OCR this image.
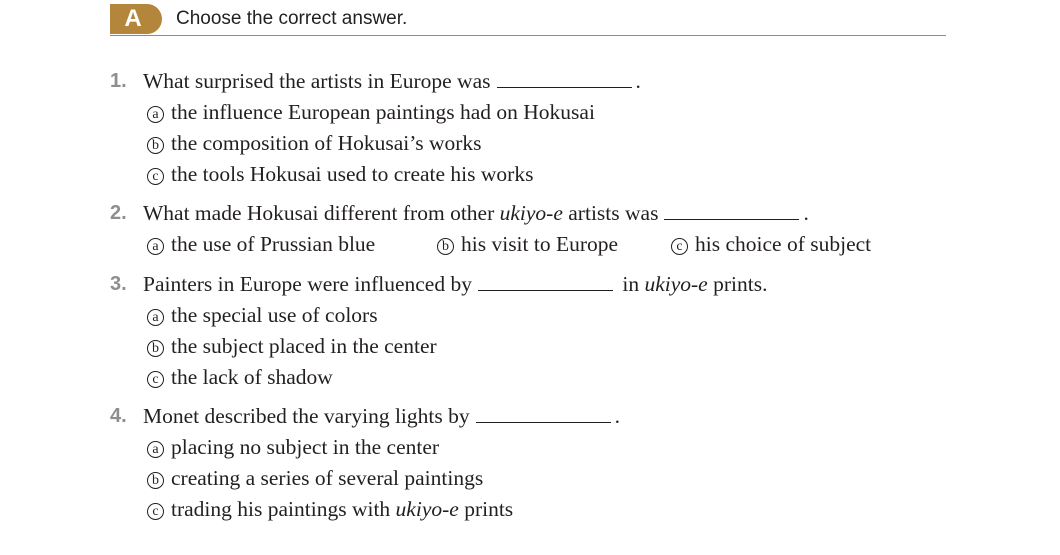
A	Choose the correct answer.
1. What surprised the artists in Europe was	.
a the influence European paintings had on Hokusai
b the composition of Hokusai’s works
c the tools Hokusai used to create his works
2. What made Hokusai different from other ukiyo-e artists was	.
a the use of Prussian blue	b his visit to Europe	c his choice of subject
3. Painters in Europe were influenced by	in ukiyo-e prints.
a the special use of colors
b the subject placed in the center
c the lack of shadow
4. Monet described the varying lights by	.
a placing no subject in the center
b creating a series of several paintings
c trading his paintings with ukiyo-e prints
